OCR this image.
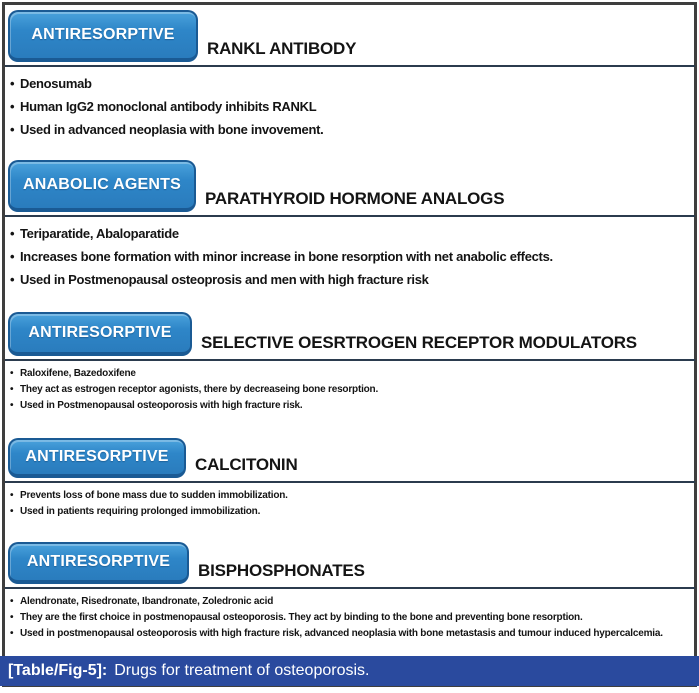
ANTIRESORPTIVE
RANKL ANTIBODY
• Denosumab
• Human IgG2 monoclonal antibody inhibits RANKL
• Used in advanced neoplasia with bone invovement.
ANABOLIC AGENTS
PARATHYROID HORMONE ANALOGS
• Teriparatide, Abaloparatide
• Increases bone formation with minor increase in bone resorption with net anabolic effects.
• Used in Postmenopausal osteoprosis and men with high fracture risk
ANTIRESORPTIVE
SELECTIVE OESRTROGEN RECEPTOR MODULATORS
• Raloxifene, Bazedoxifene
• They act as estrogen receptor agonists, there by decreaseing bone resorption.
• Used in Postmenopausal osteoporosis with high fracture risk.
ANTIRESORPTIVE CALCITONIN
• Prevents loss of bone mass due to sudden immobilization.
• Used in patients requiring prolonged immobilization.
ANTIRESORPTIVE BISPHOSPHONATES
• Alendronate, Risedronate, Ibandronate, Zoledronic acid
• They are the first choice in postmenopausal osteoporosis. They act by binding to the bone and preventing bone resorption.
• Used in postmenopausal osteoporosis with high fracture risk, advanced neoplasia with bone metastasis and tumour induced hypercalcemia.
[Table/Fig-5]: Drugs for treatment of osteoporosis.
